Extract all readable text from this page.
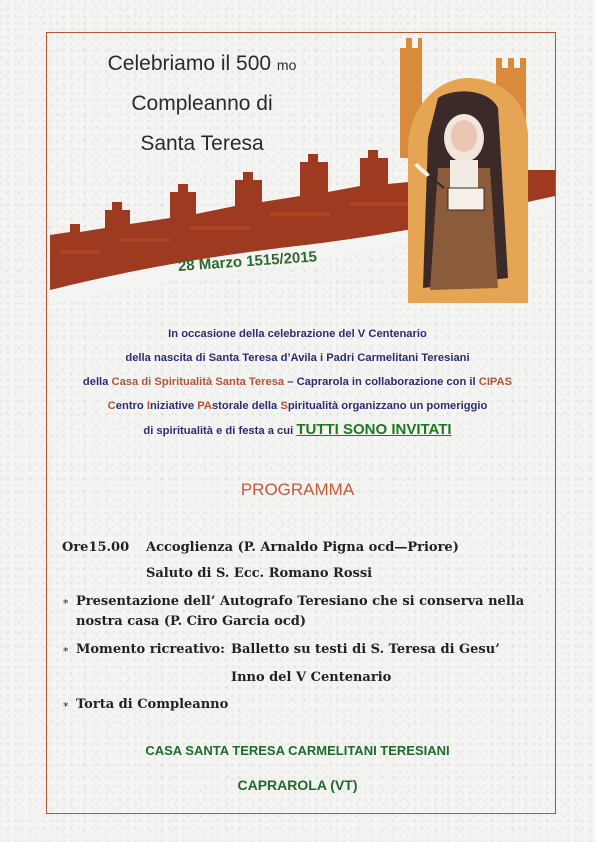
Celebriamo il 500 mo
Compleanno di
Santa Teresa
28 Marzo 1515/2015
In occasione della celebrazione del V Centenario
della nascita di Santa Teresa d’Avila i Padri Carmelitani Teresiani
della Casa di Spiritualità Santa Teresa – Caprarola in collaborazione con il CIPAS
Centro Iniziative PAstorale della Spiritualità organizzano un pomeriggio
di spiritualità e di festa a cui TUTTI SONO INVITATI
PROGRAMMA
Ore15.00 Accoglienza (P. Arnaldo Pigna ocd—Priore)
Saluto di S. Ecc. Romano Rossi
* Presentazione dell’ Autografo Teresiano che si conserva nella
nostra casa (P. Ciro Garcia ocd)
* Momento ricreativo: Balletto su testi di S. Teresa di Gesu’
Inno del V Centenario
* Torta di Compleanno
CASA SANTA TERESA CARMELITANI TERESIANI
CAPRAROLA (VT)
